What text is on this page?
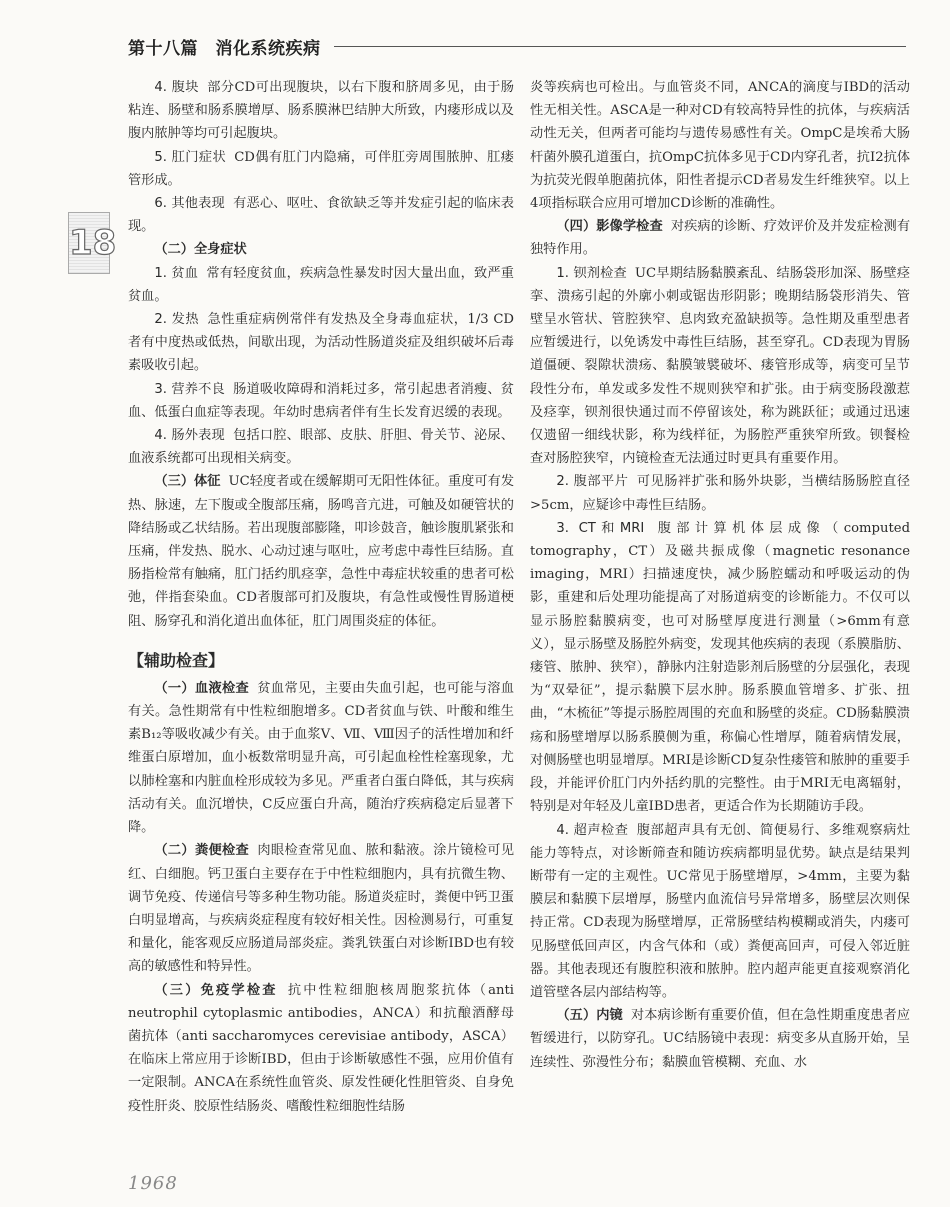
第十八篇　消化系统疾病
18

4. 腹块 部分CD可出现腹块，以右下腹和脐周多见，由于肠粘连、肠壁和肠系膜增厚、肠系膜淋巴结肿大所致，内瘘形成以及腹内脓肿等均可引起腹块。

5. 肛门症状 CD偶有肛门内隐痛，可伴肛旁周围脓肿、肛瘘管形成。

6. 其他表现 有恶心、呕吐、食欲缺乏等并发症引起的临床表现。

（二）全身症状

1. 贫血 常有轻度贫血，疾病急性暴发时因大量出血，致严重贫血。

2. 发热 急性重症病例常伴有发热及全身毒血症状，1/3 CD者有中度热或低热，间歇出现，为活动性肠道炎症及组织破坏后毒素吸收引起。

3. 营养不良 肠道吸收障碍和消耗过多，常引起患者消瘦、贫血、低蛋白血症等表现。年幼时患病者伴有生长发育迟缓的表现。

4. 肠外表现 包括口腔、眼部、皮肤、肝胆、骨关节、泌尿、血液系统都可出现相关病变。

（三）体征 UC轻度者或在缓解期可无阳性体征。重度可有发热、脉速，左下腹或全腹部压痛，肠鸣音亢进，可触及如硬管状的降结肠或乙状结肠。若出现腹部膨隆，叩诊鼓音，触诊腹肌紧张和压痛，伴发热、脱水、心动过速与呕吐，应考虑中毒性巨结肠。直肠指检常有触痛，肛门括约肌痉挛，急性中毒症状较重的患者可松弛，伴指套染血。CD者腹部可扪及腹块，有急性或慢性胃肠道梗阻、肠穿孔和消化道出血体征，肛门周围炎症的体征。

【辅助检查】

（一）血液检查 贫血常见，主要由失血引起，也可能与溶血有关。急性期常有中性粒细胞增多。CD者贫血与铁、叶酸和维生素B₁₂等吸收减少有关。由于血浆Ⅴ、Ⅶ、Ⅷ因子的活性增加和纤维蛋白原增加，血小板数常明显升高，可引起血栓性栓塞现象，尤以肺栓塞和内脏血栓形成较为多见。严重者白蛋白降低，其与疾病活动有关。血沉增快，C反应蛋白升高，随治疗疾病稳定后显著下降。

（二）粪便检查 肉眼检查常见血、脓和黏液。涂片镜检可见红、白细胞。钙卫蛋白主要存在于中性粒细胞内，具有抗微生物、调节免疫、传递信号等多种生物功能。肠道炎症时，粪便中钙卫蛋白明显增高，与疾病炎症程度有较好相关性。因检测易行，可重复和量化，能客观反应肠道局部炎症。粪乳铁蛋白对诊断IBD也有较高的敏感性和特异性。

（三）免疫学检查 抗中性粒细胞核周胞浆抗体（anti neutrophil cytoplasmic antibodies，ANCA）和抗酿酒酵母菌抗体（anti saccharomyces cerevisiae antibody，ASCA）在临床上常应用于诊断IBD，但由于诊断敏感性不强，应用价值有一定限制。ANCA在系统性血管炎、原发性硬化性胆管炎、自身免疫性肝炎、胶原性结肠炎、嗜酸性粒细胞性结肠

炎等疾病也可检出。与血管炎不同，ANCA的滴度与IBD的活动性无相关性。ASCA是一种对CD有较高特异性的抗体，与疾病活动性无关，但两者可能均与遗传易感性有关。OmpC是埃希大肠杆菌外膜孔道蛋白，抗OmpC抗体多见于CD内穿孔者，抗I2抗体为抗荧光假单胞菌抗体，阳性者提示CD者易发生纤维狭窄。以上4项指标联合应用可增加CD诊断的准确性。

（四）影像学检查 对疾病的诊断、疗效评价及并发症检测有独特作用。

1. 钡剂检查 UC早期结肠黏膜紊乱、结肠袋形加深、肠壁痉挛、溃疡引起的外廓小刺或锯齿形阴影；晚期结肠袋形消失、管壁呈水管状、管腔狭窄、息肉致充盈缺损等。急性期及重型患者应暂缓进行，以免诱发中毒性巨结肠，甚至穿孔。CD表现为胃肠道僵硬、裂隙状溃疡、黏膜皱襞破坏、瘘管形成等，病变可呈节段性分布，单发或多发性不规则狭窄和扩张。由于病变肠段激惹及痉挛，钡剂很快通过而不停留该处，称为跳跃征；或通过迅速仅遗留一细线状影，称为线样征，为肠腔严重狭窄所致。钡餐检查对肠腔狭窄，内镜检查无法通过时更具有重要作用。

2. 腹部平片 可见肠袢扩张和肠外块影，当横结肠肠腔直径>5cm，应疑诊中毒性巨结肠。

3. CT和MRI 腹部计算机体层成像（computed tomography，CT）及磁共振成像（magnetic resonance imaging，MRI）扫描速度快，减少肠腔蠕动和呼吸运动的伪影，重建和后处理功能提高了对肠道病变的诊断能力。不仅可以显示肠腔黏膜病变，也可对肠壁厚度进行测量（>6mm有意义），显示肠壁及肠腔外病变，发现其他疾病的表现（系膜脂肪、瘘管、脓肿、狭窄），静脉内注射造影剂后肠壁的分层强化，表现为“双晕征”，提示黏膜下层水肿。肠系膜血管增多、扩张、扭曲，“木梳征”等提示肠腔周围的充血和肠壁的炎症。CD肠黏膜溃疡和肠壁增厚以肠系膜侧为重，称偏心性增厚，随着病情发展，对侧肠壁也明显增厚。MRI是诊断CD复杂性瘘管和脓肿的重要手段，并能评价肛门内外括约肌的完整性。由于MRI无电离辐射，特别是对年轻及儿童IBD患者，更适合作为长期随访手段。

4. 超声检查 腹部超声具有无创、简便易行、多维观察病灶能力等特点，对诊断筛查和随访疾病都明显优势。缺点是结果判断带有一定的主观性。UC常见于肠壁增厚，>4mm，主要为黏膜层和黏膜下层增厚，肠壁内血流信号异常增多，肠壁层次则保持正常。CD表现为肠壁增厚，正常肠壁结构模糊或消失，内瘘可见肠壁低回声区，内含气体和（或）粪便高回声，可侵入邻近脏器。其他表现还有腹腔积液和脓肿。腔内超声能更直接观察消化道管壁各层内部结构等。

（五）内镜 对本病诊断有重要价值，但在急性期重度患者应暂缓进行，以防穿孔。UC结肠镜中表现：病变多从直肠开始，呈连续性、弥漫性分布；黏膜血管模糊、充血、水

1968
